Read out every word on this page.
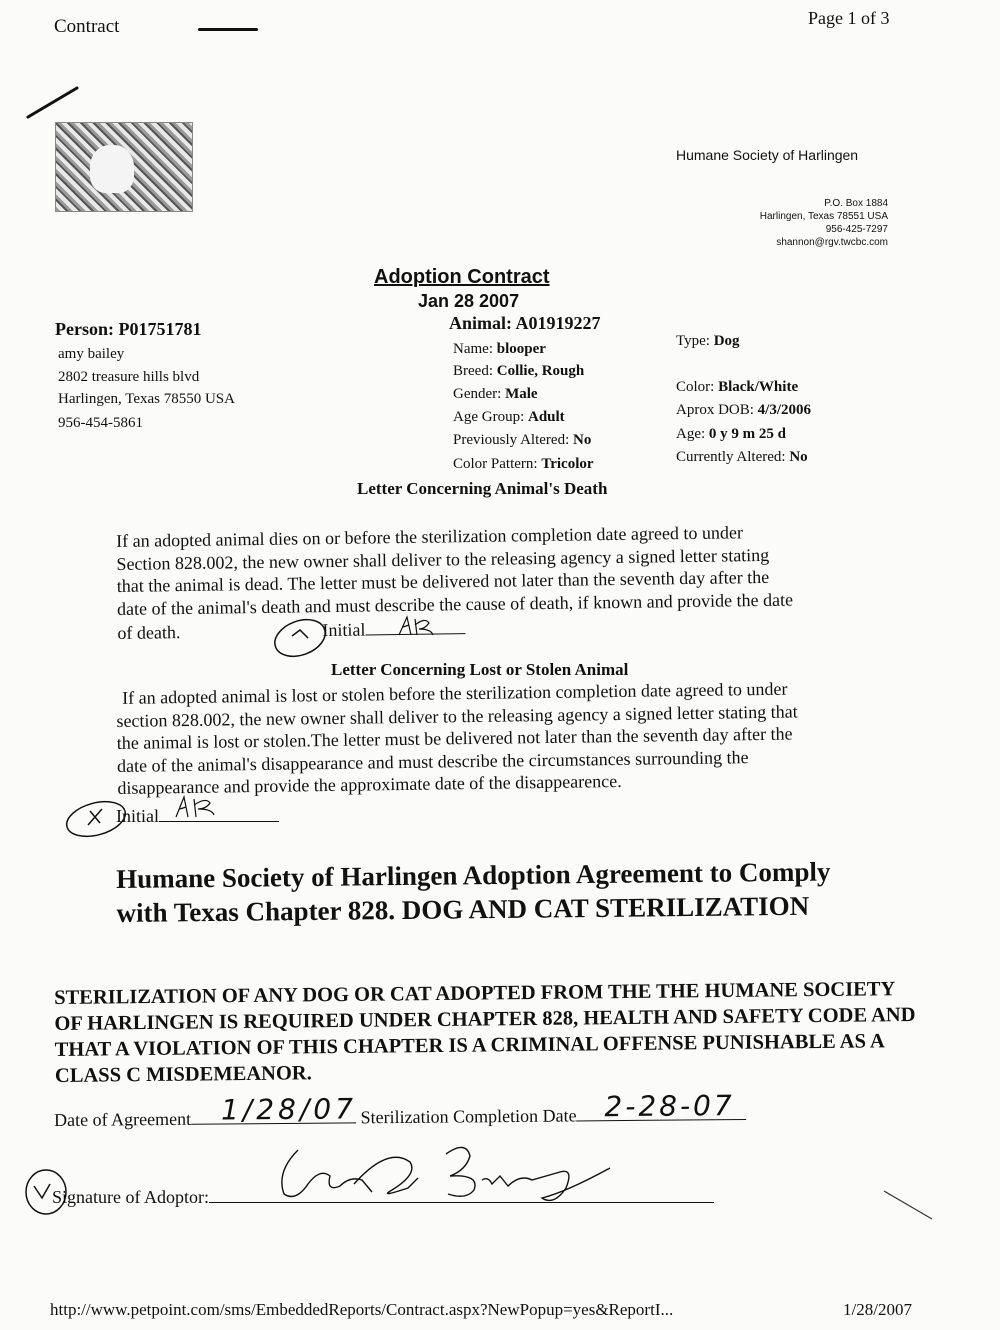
Contract	Page 1 of 3
Humane Society of Harlingen
P.O. Box 1884
Harlingen, Texas 78551 USA
956-425-7297
shannon@rgv.twcbc.com
Adoption Contract
Jan 28 2007
Person: P01751781
amy bailey
2802 treasure hills blvd
Harlingen, Texas 78550 USA
956-454-5861
Animal: A01919227
Name: blooper
Breed: Collie, Rough
Gender: Male
Age Group: Adult
Previously Altered: No
Color Pattern: Tricolor
Type: Dog
Color: Black/White
Aprox DOB: 4/3/2006
Age: 0 y 9 m 25 d
Currently Altered: No
Letter Concerning Animal's Death
If an adopted animal dies on or before the sterilization completion date agreed to under
Section 828.002, the new owner shall deliver to the releasing agency a signed letter stating
that the animal is dead. The letter must be delivered not later than the seventh day after the
date of the animal's death and must describe the cause of death, if known and provide the date
of death.	Initial
Letter Concerning Lost or Stolen Animal
If an adopted animal is lost or stolen before the sterilization completion date agreed to under
section 828.002, the new owner shall deliver to the releasing agency a signed letter stating that
the animal is lost or stolen.The letter must be delivered not later than the seventh day after the
date of the animal's disappearance and must describe the circumstances surrounding the
disappearance and provide the approximate date of the disappearence.
Initial
Humane Society of Harlingen Adoption Agreement to Comply with Texas Chapter 828. DOG AND CAT STERILIZATION
STERILIZATION OF ANY DOG OR CAT ADOPTED FROM THE THE HUMANE SOCIETY OF HARLINGEN IS REQUIRED UNDER CHAPTER 828, HEALTH AND SAFETY CODE AND THAT A VIOLATION OF THIS CHAPTER IS A CRIMINAL OFFENSE PUNISHABLE AS A CLASS C MISDEMEANOR.
Date of Agreement 1/28/07 Sterilization Completion Date 2-28-07
Signature of Adoptor:
http://www.petpoint.com/sms/EmbeddedReports/Contract.aspx?NewPopup=yes&ReportI...	1/28/2007
